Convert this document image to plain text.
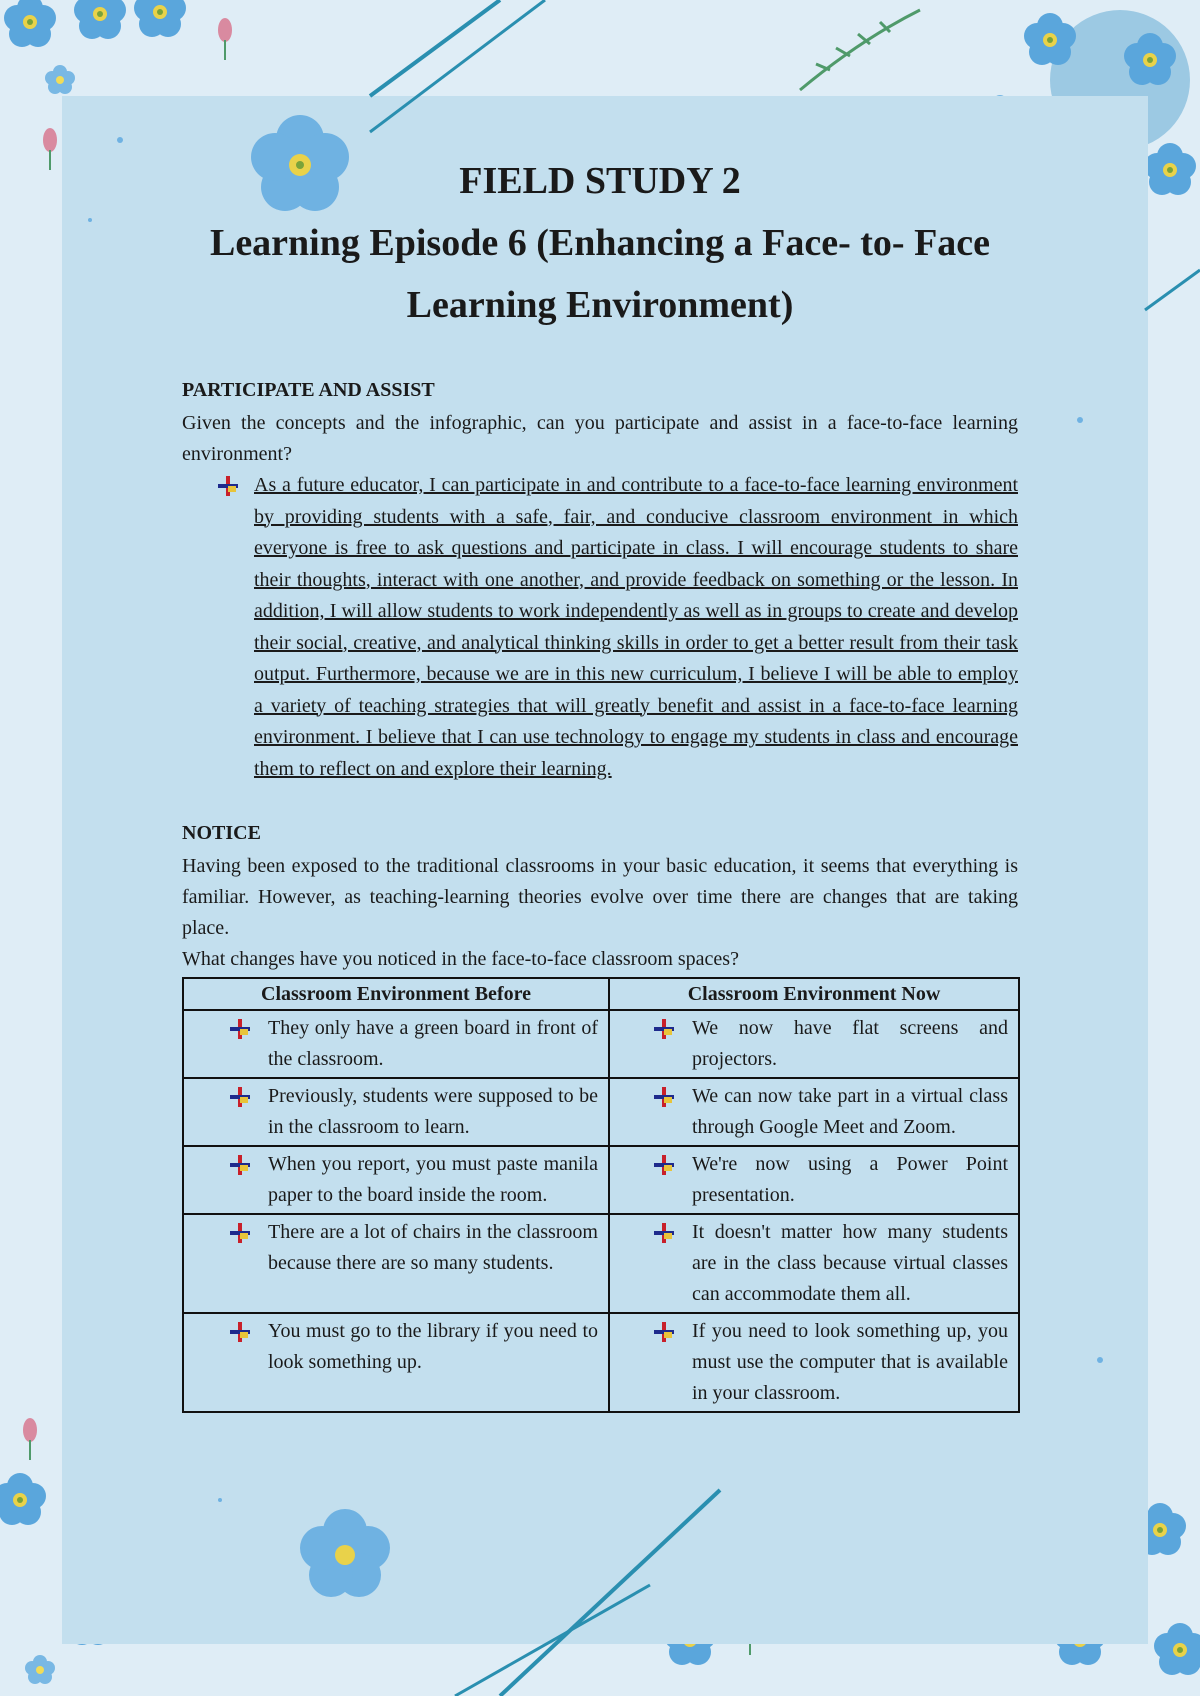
FIELD STUDY 2
Learning Episode 6 (Enhancing a Face- to- Face
Learning Environment)
PARTICIPATE AND ASSIST

Given the concepts and the infographic, can you participate and assist in a face-to-face learning environment?

As a future educator, I can participate in and contribute to a face-to-face learning environment by providing students with a safe, fair, and conducive classroom environment in which everyone is free to ask questions and participate in class. I will encourage students to share their thoughts, interact with one another, and provide feedback on something or the lesson. In addition, I will allow students to work independently as well as in groups to create and develop their social, creative, and analytical thinking skills in order to get a better result from their task output. Furthermore, because we are in this new curriculum, I believe I will be able to employ a variety of teaching strategies that will greatly benefit and assist in a face-to-face learning environment. I believe that I can use technology to engage my students in class and encourage them to reflect on and explore their learning.

NOTICE

Having been exposed to the traditional classrooms in your basic education, it seems that everything is familiar. However, as teaching-learning theories evolve over time there are changes that are taking place.

What changes have you noticed in the face-to-face classroom spaces?

Classroom Environment Before	Classroom Environment Now

They only have a green board in front of the classroom.	We now have flat screens and projectors.

Previously, students were supposed to be in the classroom to learn.	We can now take part in a virtual class through Google Meet and Zoom.

When you report, you must paste manila paper to the board inside the room.	We're now using a Power Point presentation.

There are a lot of chairs in the classroom because there are so many students.	It doesn't matter how many students are in the class because virtual classes can accommodate them all.

You must go to the library if you need to look something up.	If you need to look something up, you must use the computer that is available in your classroom.
